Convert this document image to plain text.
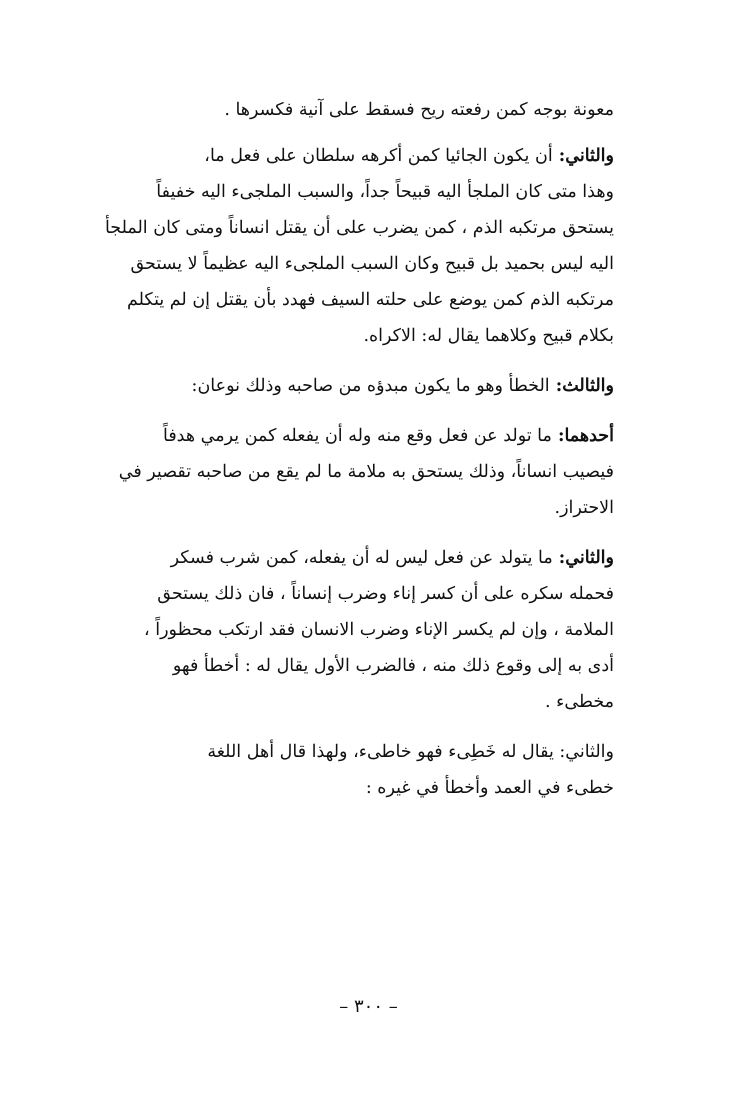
معونة بوجه كمن رفعته ريح فسقط على آنية فكسرها .

والثاني: أن يكون الجائيا كمن أكرهه سلطان على فعل ما،
وهذا متى كان الملجأ اليه قبيحاً جداً، والسبب الملجىء اليه خفيفاً
يستحق مرتكبه الذم ، كمن يضرب على أن يقتل انساناً ومتى كان الملجأ
اليه ليس بحميد بل قبيح وكان السبب الملجىء اليه عظيماً لا يستحق
مرتكبه الذم كمن يوضع على حلته السيف فهدد بأن يقتل إن لم يتكلم
بكلام قبيح وكلاهما يقال له: الاكراه.

والثالث: الخطأ وهو ما يكون مبدؤه من صاحبه وذلك نوعان:

أحدهما: ما تولد عن فعل وقع منه وله أن يفعله كمن يرمي هدفاً
فيصيب انساناً، وذلك يستحق به ملامة ما لم يقع من صاحبه تقصير في
الاحتراز.

والثاني: ما يتولد عن فعل ليس له أن يفعله، كمن شرب فسكر
فحمله سكره على أن كسر إناء وضرب إنساناً ، فان ذلك يستحق
الملامة ، وإن لم يكسر الإناء وضرب الانسان فقد ارتكب محظوراً ،
أدى به إلى وقوع ذلك منه ، فالضرب الأول يقال له : أخطأ فهو
مخطىء .

والثاني: يقال له خَطِىء فهو خاطىء، ولهذا قال أهل اللغة
خطىء في العمد وأخطأ في غيره :

– ٣٠٠ –
